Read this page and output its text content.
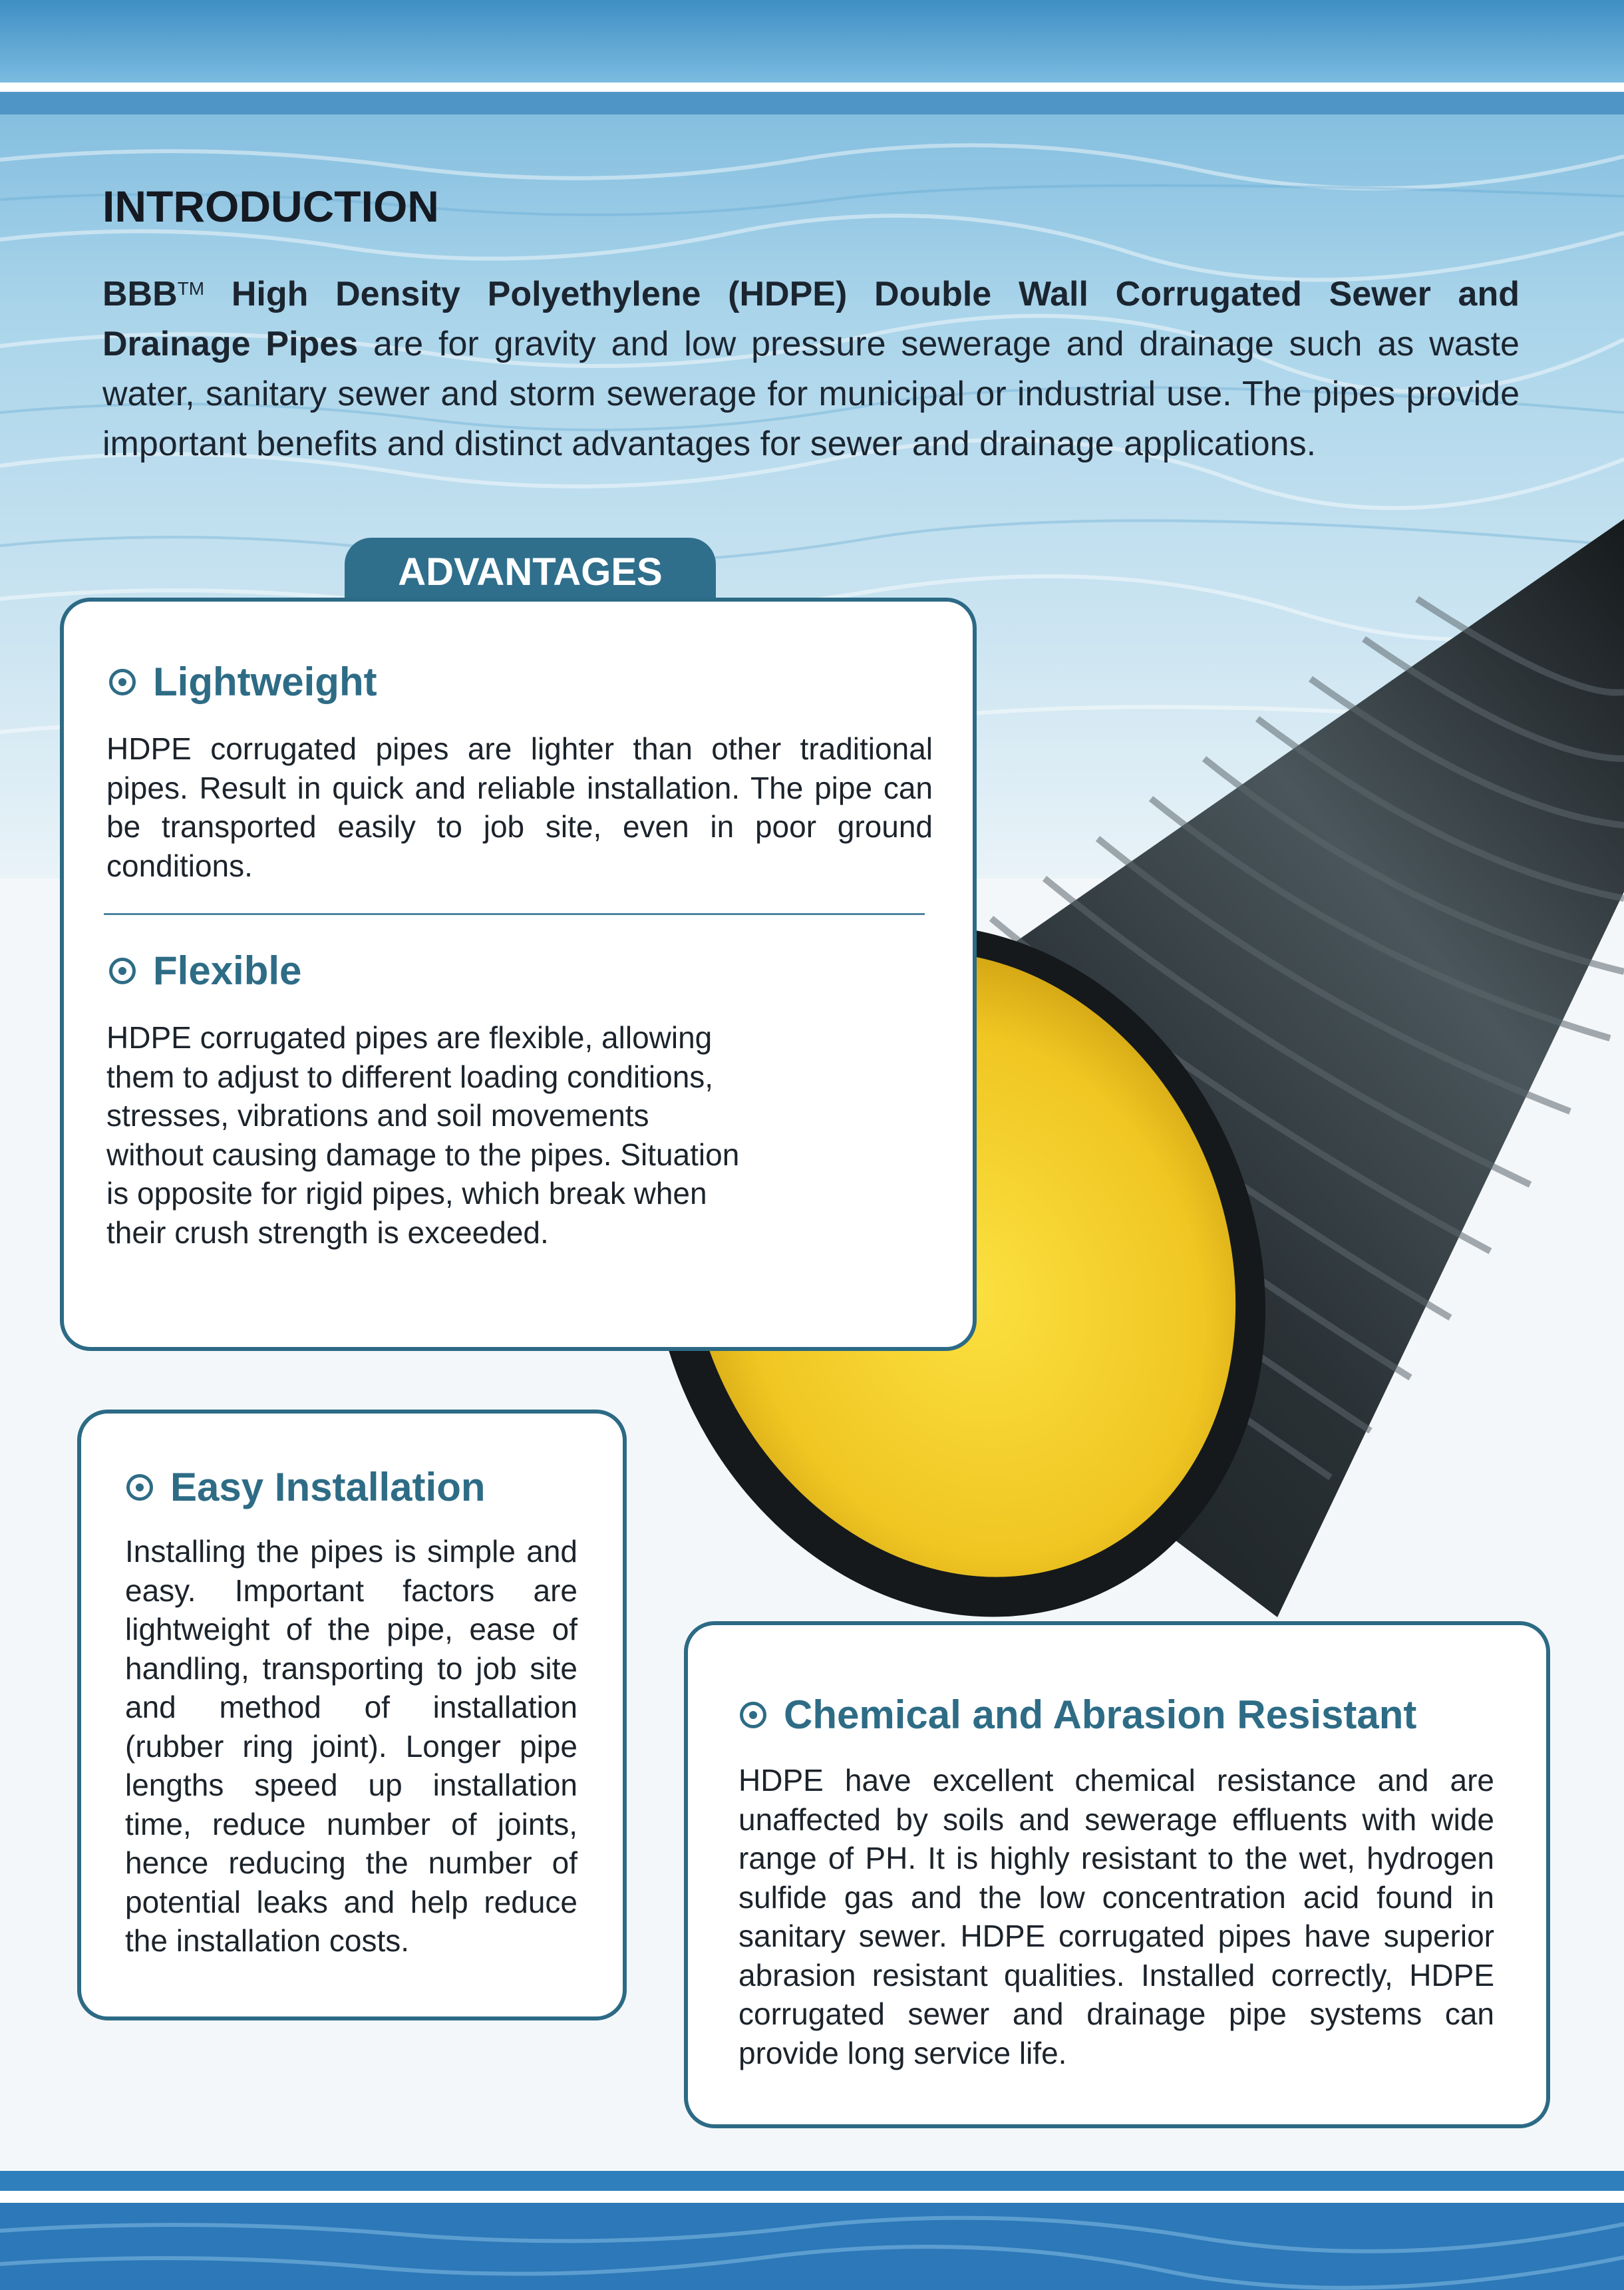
INTRODUCTION
BBB™ High Density Polyethylene (HDPE) Double Wall Corrugated Sewer and Drainage Pipes are for gravity and low pressure sewerage and drainage such as waste water, sanitary sewer and storm sewerage for municipal or industrial use. The pipes provide important benefits and distinct advantages for sewer and drainage applications.
ADVANTAGES
Lightweight
HDPE corrugated pipes are lighter than other traditional pipes. Result in quick and reliable installation. The pipe can be transported easily to job site, even in poor ground conditions.
Flexible
HDPE corrugated pipes are flexible, allowing them to adjust to different loading conditions, stresses, vibrations and soil movements without causing damage to the pipes. Situation is opposite for rigid pipes, which break when their crush strength is exceeded.
Easy Installation
Installing the pipes is simple and easy. Important factors are lightweight of the pipe, ease of handling, transporting to job site and method of installation (rubber ring joint). Longer pipe lengths speed up installation time, reduce number of joints, hence reducing the number of potential leaks and help reduce the installation costs.
Chemical and Abrasion Resistant
HDPE have excellent chemical resistance and are unaffected by soils and sewerage effluents with wide range of PH. It is highly resistant to the wet, hydrogen sulfide gas and the low concentration acid found in sanitary sewer. HDPE corrugated pipes have superior abrasion resistant qualities. Installed correctly, HDPE corrugated sewer and drainage pipe systems can provide long service life.
